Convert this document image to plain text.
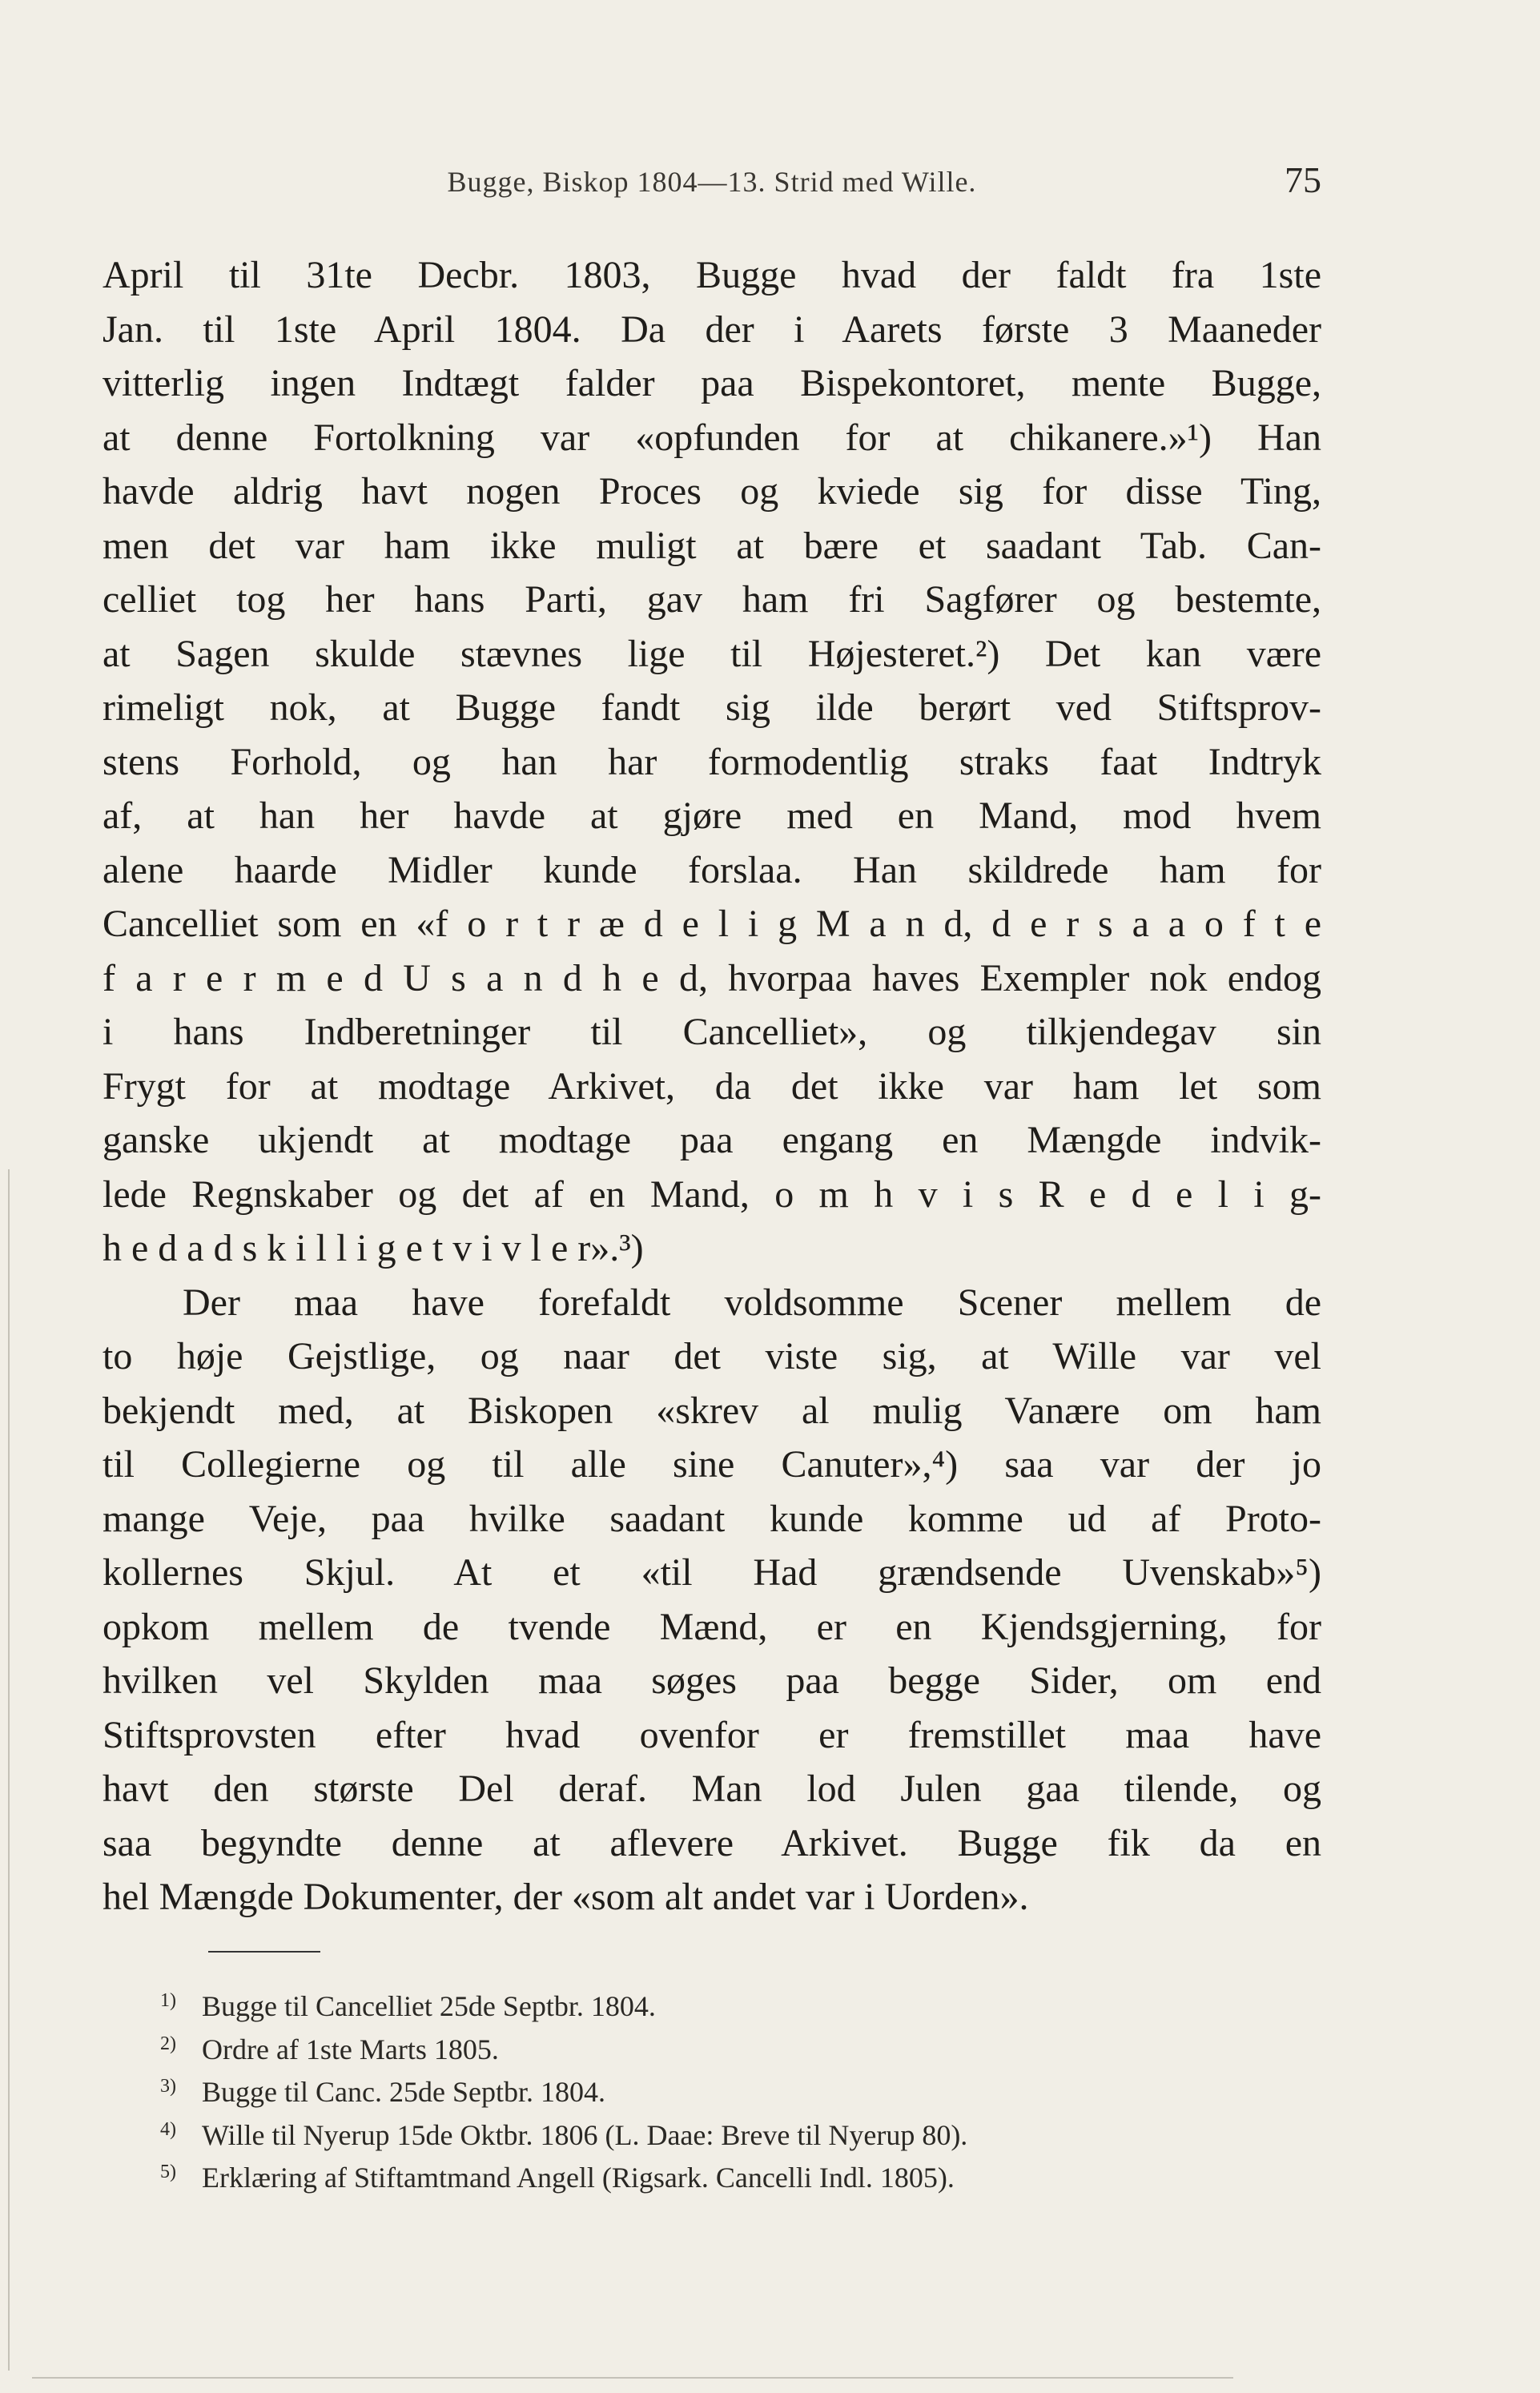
Bugge, Biskop 1804—13. Strid med Wille.	75
April til 31te Decbr. 1803, Bugge hvad der faldt fra 1ste
Jan. til 1ste April 1804. Da der i Aarets første 3 Maaneder
vitterlig ingen Indtægt falder paa Bispekontoret, mente Bugge,
at denne Fortolkning var «opfunden for at chikanere.»¹) Han
havde aldrig havt nogen Proces og kviede sig for disse Ting,
men det var ham ikke muligt at bære et saadant Tab. Can-
celliet tog her hans Parti, gav ham fri Sagfører og bestemte,
at Sagen skulde stævnes lige til Højesteret.²) Det kan være
rimeligt nok, at Bugge fandt sig ilde berørt ved Stiftsprov-
stens Forhold, og han har formodentlig straks faat Indtryk
af, at han her havde at gjøre med en Mand, mod hvem
alene haarde Midler kunde forslaa. Han skildrede ham for
Cancelliet som en «f o r t r æ d e l i g M a n d, d e r s a a o f t e
f a r e r m e d U s a n d h e d, hvorpaa haves Exempler nok endog
i hans Indberetninger til Cancelliet», og tilkjendegav sin
Frygt for at modtage Arkivet, da det ikke var ham let som
ganske ukjendt at modtage paa engang en Mængde indvik-
lede Regnskaber og det af en Mand, o m h v i s R e d e l i g-
h e d a d s k i l l i g e t v i v l e r».³)
Der maa have forefaldt voldsomme Scener mellem de
to høje Gejstlige, og naar det viste sig, at Wille var vel
bekjendt med, at Biskopen «skrev al mulig Vanære om ham
til Collegierne og til alle sine Canuter»,⁴) saa var der jo
mange Veje, paa hvilke saadant kunde komme ud af Proto-
kollernes Skjul. At et «til Had grændsende Uvenskab»⁵)
opkom mellem de tvende Mænd, er en Kjendsgjerning, for
hvilken vel Skylden maa søges paa begge Sider, om end
Stiftsprovsten efter hvad ovenfor er fremstillet maa have
havt den største Del deraf. Man lod Julen gaa tilende, og
saa begyndte denne at aflevere Arkivet. Bugge fik da en
hel Mængde Dokumenter, der «som alt andet var i Uorden».
1) Bugge til Cancelliet 25de Septbr. 1804.
2) Ordre af 1ste Marts 1805.
3) Bugge til Canc. 25de Septbr. 1804.
4) Wille til Nyerup 15de Oktbr. 1806 (L. Daae: Breve til Nyerup 80).
5) Erklæring af Stiftamtmand Angell (Rigsark. Cancelli Indl. 1805).
